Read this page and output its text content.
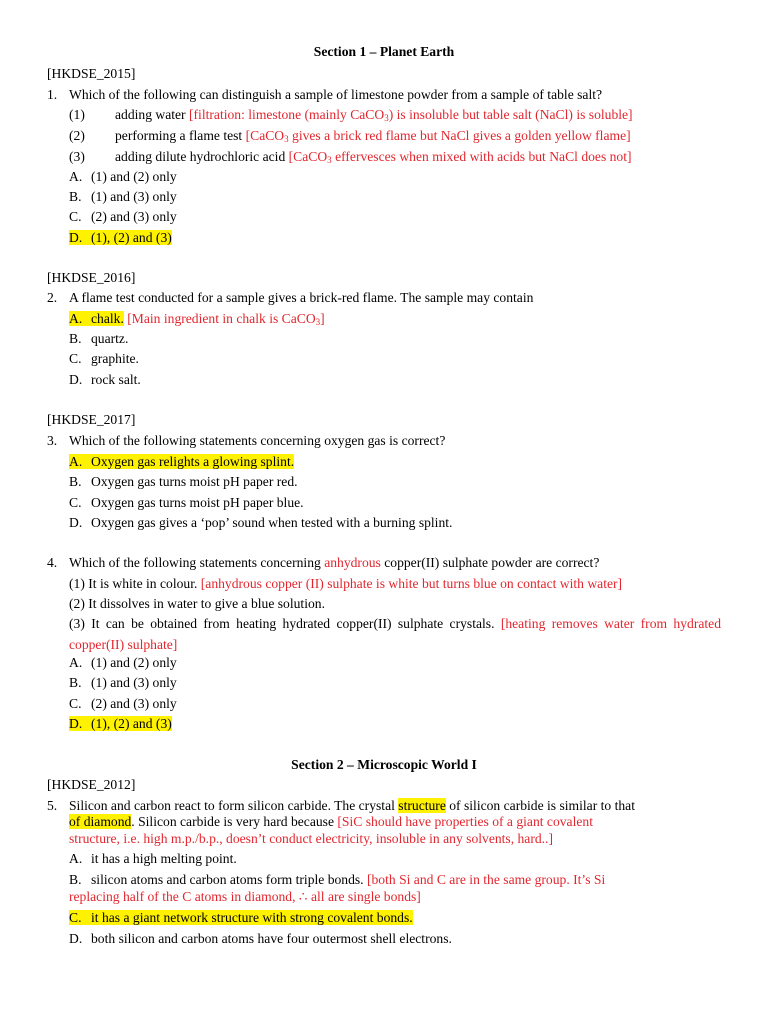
Section 1 – Planet Earth
[HKDSE_2015]
1. Which of the following can distinguish a sample of limestone powder from a sample of table salt?
(1) adding water [filtration: limestone (mainly CaCO$_3$) is insoluble but table salt (NaCl) is soluble]
(2) performing a flame test [CaCO$_3$ gives a brick red flame but NaCl gives a golden yellow flame]
(3) adding dilute hydrochloric acid [CaCO$_3$ effervesces when mixed with acids but NaCl does not]
A. (1) and (2) only
B. (1) and (3) only
C. (2) and (3) only
D. (1), (2) and (3)
[HKDSE_2016]
2. A flame test conducted for a sample gives a brick-red flame. The sample may contain
A. chalk. [Main ingredient in chalk is CaCO$_3$]
B. quartz.
C. graphite.
D. rock salt.
[HKDSE_2017]
3. Which of the following statements concerning oxygen gas is correct?
A. Oxygen gas relights a glowing splint.
B. Oxygen gas turns moist pH paper red.
C. Oxygen gas turns moist pH paper blue.
D. Oxygen gas gives a ‘pop’ sound when tested with a burning splint.
4. Which of the following statements concerning anhydrous copper(II) sulphate powder are correct?
(1) It is white in colour. [anhydrous copper (II) sulphate is white but turns blue on contact with water]
(2) It dissolves in water to give a blue solution.
(3) It can be obtained from heating hydrated copper(II) sulphate crystals. [heating removes water from hydrated copper(II) sulphate]
A. (1) and (2) only
B. (1) and (3) only
C. (2) and (3) only
D. (1), (2) and (3)
Section 2 – Microscopic World I
[HKDSE_2012]
5. Silicon and carbon react to form silicon carbide. The crystal structure of silicon carbide is similar to that
of diamond. Silicon carbide is very hard because [SiC should have properties of a giant covalent
structure, i.e. high m.p./b.p., doesn’t conduct electricity, insoluble in any solvents, hard..]
A. it has a high melting point.
B. silicon atoms and carbon atoms form triple bonds. [both Si and C are in the same group. It’s Si
replacing half of the C atoms in diamond, ∴ all are single bonds]
C. it has a giant network structure with strong covalent bonds.
D. both silicon and carbon atoms have four outermost shell electrons.
